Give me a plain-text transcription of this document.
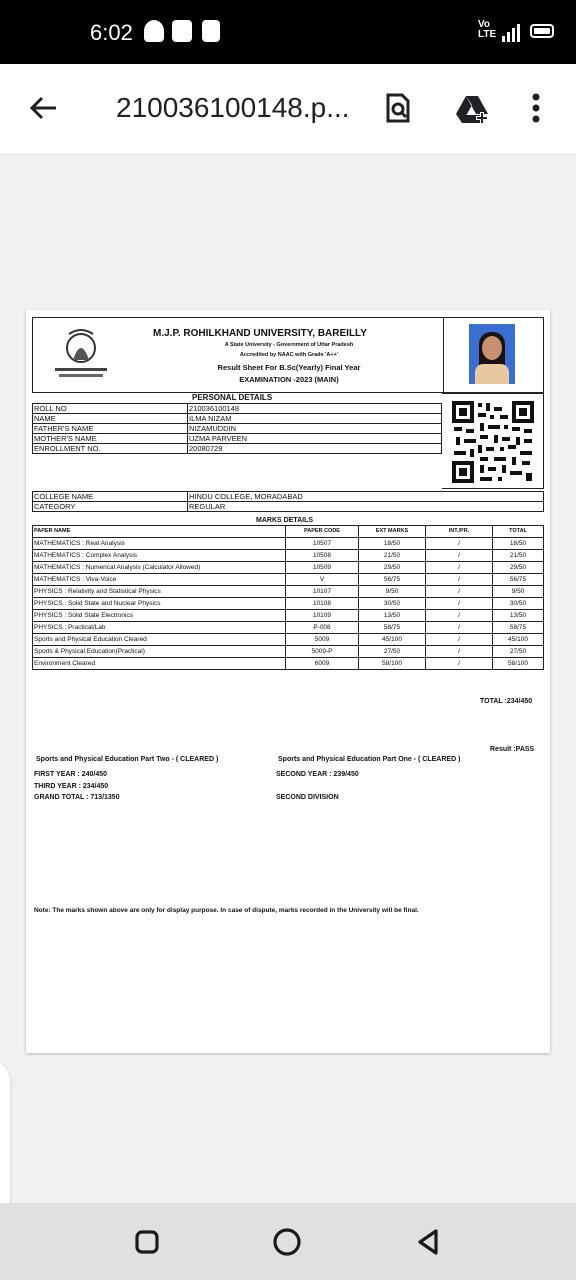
6:02	Vo
LTE
210036100148.p...
M.J.P. ROHILKHAND UNIVERSITY, BAREILLY
A State University - Government of Uttar Pradesh
Accredited by NAAC with Grade 'A++'
Result Sheet For B.Sc(Yearly) Final Year
EXAMINATION -2023 (MAIN)
PERSONAL DETAILS
ROLL NO	210036100148
NAME	ILMA NIZAM
FATHER'S NAME	NIZAMUDDIN
MOTHER'S NAME	UZMA PARVEEN
ENROLLMENT NO.	20080729
COLLEGE NAME	HINDU COLLEGE, MORADABAD
CATEGORY	REGULAR
MARKS DETAILS
PAPER NAME	PAPER CODE	EXT MARKS	INT./PR.	TOTAL
MATHEMATICS : Real Analysis	10507	18/50	/	18/50
MATHEMATICS : Complex Analysis	10508	21/50	/	21/50
MATHEMATICS : Numerical Analysis (Calculator Allowed)	10509	29/50	/	29/50
MATHEMATICS : Viva-Voice	V	56/75	/	56/75
PHYSICS : Relativity and Statistical Physics	10107	9/50	/	9/50
PHYSICS : Solid State and Nuclear Physics	10108	30/50	/	30/50
PHYSICS : Solid State Electronics	10109	13/50	/	13/50
PHYSICS : Practical/Lab	P-008	58/75	/	58/75
Sports and Physical Education Cleared	5009	45/100	/	45/100
Sports & Physical Education(Practical)	5009-P	27/50	/	27/50
Environment Cleared	6009	58/100	/	58/100
TOTAL :234/450
Result :PASS
Sports and Physical Education Part Two - ( CLEARED )	Sports and Physical Education Part One - ( CLEARED )
FIRST YEAR : 240/450	SECOND YEAR : 239/450
THIRD YEAR : 234/450
GRAND TOTAL : 713/1350	SECOND DIVISION
Note: The marks shown above are only for display purpose. In case of dispute, marks recorded in the University will be final.
